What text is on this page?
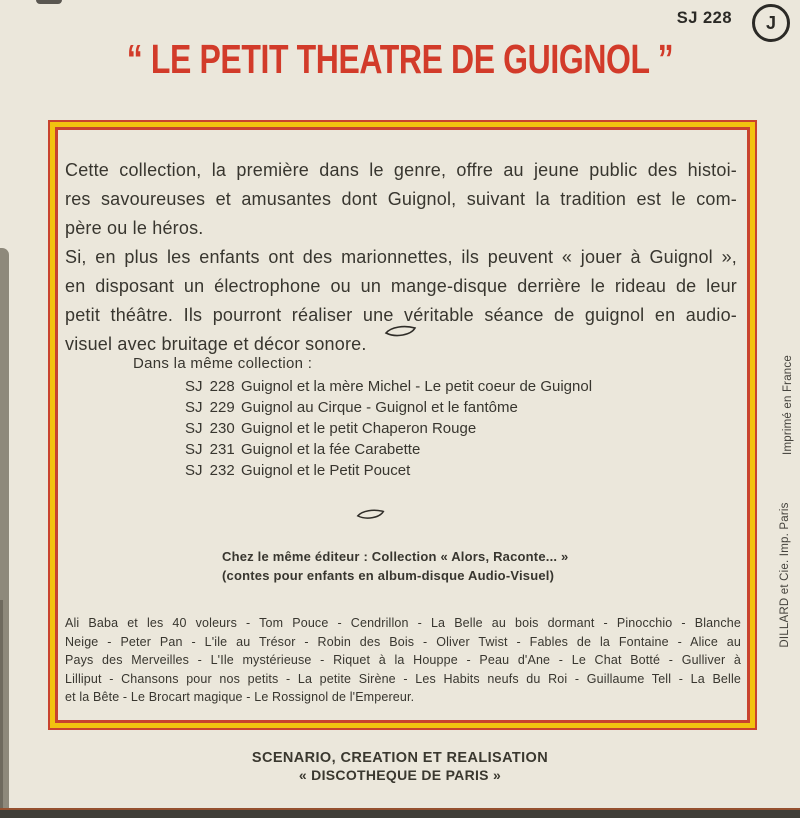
SJ 228 J
“ LE PETIT THEATRE DE GUIGNOL ”
Cette collection, la première dans le genre, offre au jeune public des histoi-
res savoureuses et amusantes dont Guignol, suivant la tradition est le com-
père ou le héros.
Si, en plus les enfants ont des marionnettes, ils peuvent « jouer à Guignol »,
en disposant un électrophone ou un mange-disque derrière le rideau de leur
petit théâtre. Ils pourront réaliser une véritable séance de guignol en audio-
visuel avec bruitage et décor sonore.
Dans la même collection :
SJ 228 Guignol et la mère Michel - Le petit coeur de Guignol
SJ 229 Guignol au Cirque - Guignol et le fantôme
SJ 230 Guignol et le petit Chaperon Rouge
SJ 231 Guignol et la fée Carabette
SJ 232 Guignol et le Petit Poucet
Chez le même éditeur : Collection « Alors, Raconte... »
(contes pour enfants en album-disque Audio-Visuel)
Ali Baba et les 40 voleurs - Tom Pouce - Cendrillon - La Belle au bois dormant - Pinocchio - Blanche
Neige - Peter Pan - L'ile au Trésor - Robin des Bois - Oliver Twist - Fables de la Fontaine - Alice au
Pays des Merveilles - L'Ile mystérieuse - Riquet à la Houppe - Peau d'Ane - Le Chat Botté - Gulliver à
Lilliput - Chansons pour nos petits - La petite Sirène - Les Habits neufs du Roi - Guillaume Tell - La Belle
et la Bête - Le Brocart magique - Le Rossignol de l'Empereur.
SCENARIO, CREATION ET REALISATION
« DISCOTHEQUE DE PARIS »
DILLARD et Cie. Imp. Paris
Imprimé en France
